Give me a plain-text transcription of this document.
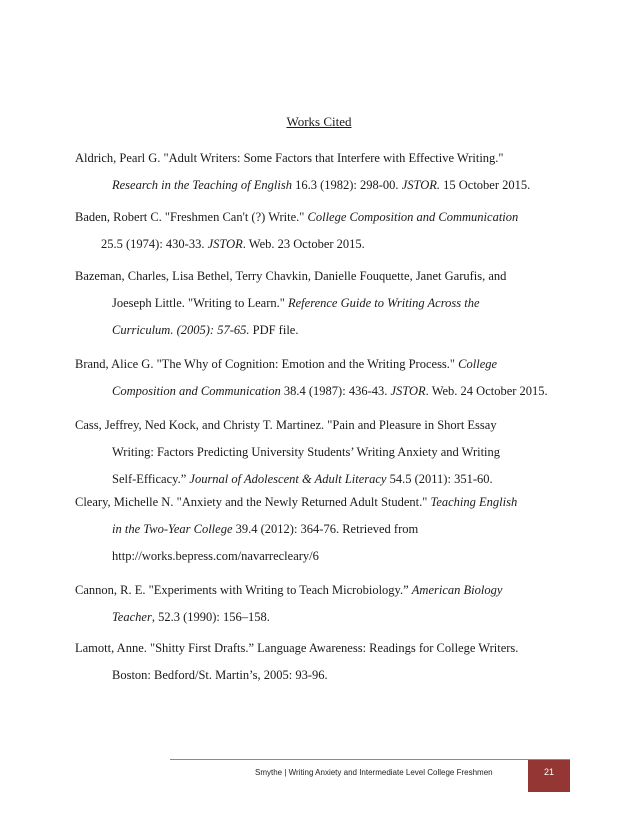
Works Cited
Aldrich, Pearl G. "Adult Writers: Some Factors that Interfere with Effective Writing."
Research in the Teaching of English 16.3 (1982): 298-00. JSTOR. 15 October 2015.
Baden, Robert C. "Freshmen Can't (?) Write." College Composition and Communication
25.5 (1974): 430-33. JSTOR. Web. 23 October 2015.
Bazeman, Charles, Lisa Bethel, Terry Chavkin, Danielle Fouquette, Janet Garufis, and
Joeseph Little. "Writing to Learn." Reference Guide to Writing Across the
Curriculum. (2005): 57-65. PDF file.
Brand, Alice G. "The Why of Cognition: Emotion and the Writing Process." College
Composition and Communication 38.4 (1987): 436-43. JSTOR. Web. 24 October 2015.
Cass, Jeffrey, Ned Kock, and Christy T. Martinez. "Pain and Pleasure in Short Essay
Writing: Factors Predicting University Students’ Writing Anxiety and Writing
Self-Efficacy.” Journal of Adolescent & Adult Literacy 54.5 (2011): 351-60.
Cleary, Michelle N. "Anxiety and the Newly Returned Adult Student." Teaching English
in the Two-Year College 39.4 (2012): 364-76. Retrieved from
http://works.bepress.com/navarrecleary/6
Cannon, R. E. "Experiments with Writing to Teach Microbiology.” American Biology
Teacher, 52.3 (1990): 156–158.
Lamott, Anne. "Shitty First Drafts.” Language Awareness: Readings for College Writers.
Boston: Bedford/St. Martin’s, 2005: 93-96.
Smythe | Writing Anxiety and Intermediate Level College Freshmen	21
